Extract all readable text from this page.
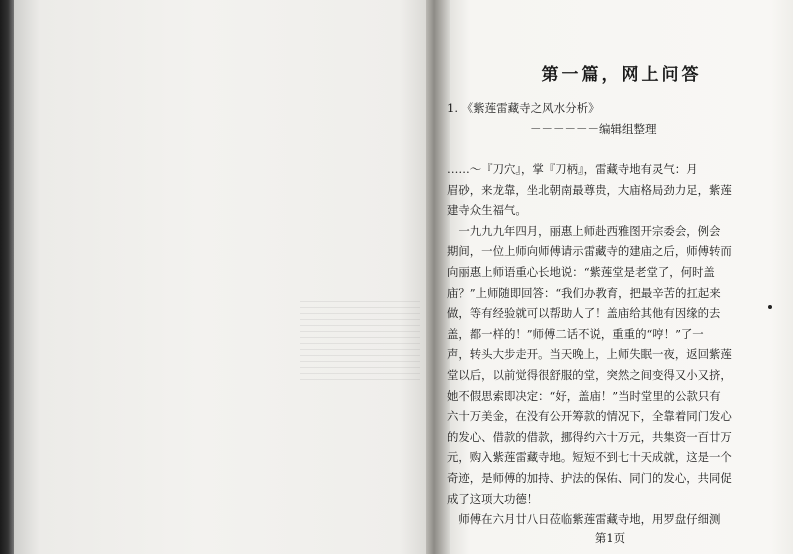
第一篇，网上问答
1. 《紫莲雷藏寺之风水分析》
－－－－－－编辑组整理
……～『刀穴』，掌『刀柄』，雷藏寺地有灵气：月
眉砂，来龙靠，坐北朝南最尊贵，大庙格局劲力足，紫莲
建寺众生福气。
　一九九九年四月，丽惠上师赴西雅图开宗委会，例会
期间，一位上师向师傅请示雷藏寺的建庙之后，师傅转而
向丽惠上师语重心长地说：“紫莲堂是老堂了，何时盖
庙？”上师随即回答：“我们办教育，把最辛苦的扛起来
做，等有经验就可以帮助人了！盖庙给其他有因缘的去
盖，都一样的！”师傅二话不说，重重的“哼！”了一
声，转头大步走开。当天晚上，上师失眠一夜，返回紫莲
堂以后，以前觉得很舒服的堂，突然之间变得又小又挤，
她不假思索即决定：“好，盖庙！”当时堂里的公款只有
六十万美金，在没有公开筹款的情况下，全靠着同门发心
的发心、借款的借款，挪得约六十万元，共集资一百廿万
元，购入紫莲雷藏寺地。短短不到七十天成就，这是一个
奇迹，是师傅的加持、护法的保佑、同门的发心，共同促
成了这项大功德！
　师傅在六月廿八日莅临紫莲雷藏寺地，用罗盘仔细测
第1页
